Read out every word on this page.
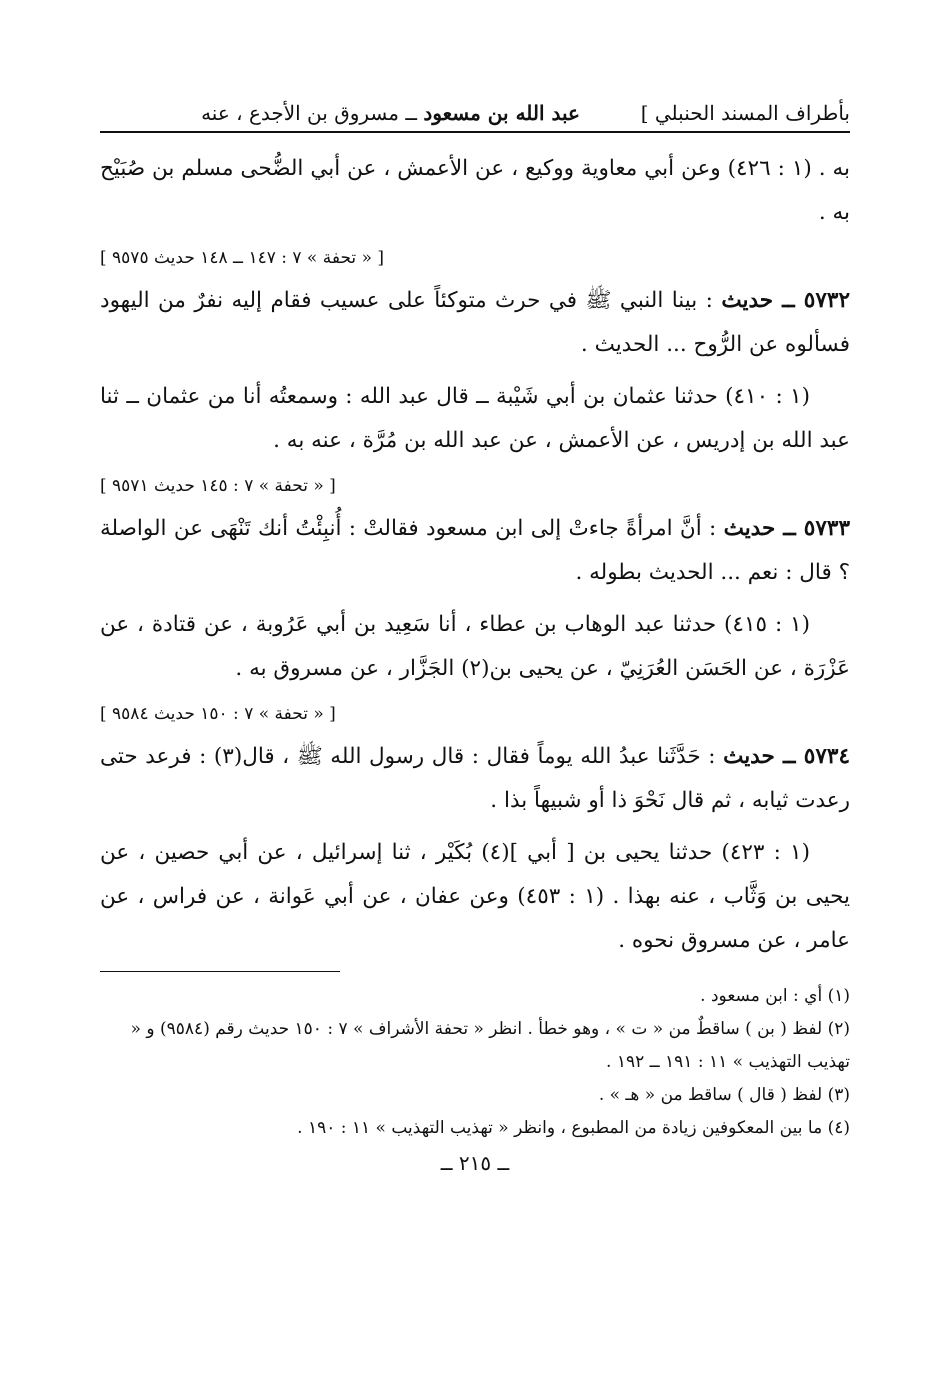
بأطراف المسند الحنبلي ]
عبد الله بن مسعود ــ مسروق بن الأجدع ، عنه

به . (١ : ٤٢٦) وعن أبي معاوية ووكيع ، عن الأعمش ، عن أبي الضُّحى مسلم بن صُبَيْح به .

[ « تحفة » ٧ : ١٤٧ ــ ١٤٨ حديث ٩٥٧٥ ]

٥٧٣٢ ــ حديث : بينا النبي ﷺ في حرث متوكئاً على عسيب فقام إليه نفرٌ من اليهود فسألوه عن الرُّوح ... الحديث .

(١ : ٤١٠) حدثنا عثمان بن أبي شَيْبة ــ قال عبد الله : وسمعتُه أنا من عثمان ــ ثنا عبد الله بن إدريس ، عن الأعمش ، عن عبد الله بن مُرَّة ، عنه به .

[ « تحفة » ٧ : ١٤٥ حديث ٩٥٧١ ]

٥٧٣٣ ــ حديث : أنَّ امرأةً جاءتْ إلى ابن مسعود فقالتْ : أُنبِئْتُ أنك تَنْهَى عن الواصلة ؟ قال : نعم ... الحديث بطوله .

(١ : ٤١٥) حدثنا عبد الوهاب بن عطاء ، أنا سَعِيد بن أبي عَرُوبة ، عن قتادة ، عن عَزْرَة ، عن الحَسَن العُرَنِيّ ، عن يحيى بن(٢) الجَزَّار ، عن مسروق به .

[ « تحفة » ٧ : ١٥٠ حديث ٩٥٨٤ ]

٥٧٣٤ ــ حديث : حَدَّثَنا عبدُ الله يوماً فقال : قال رسول الله ﷺ ، قال(٣) : فرعد حتى رعدت ثيابه ، ثم قال نَحْوَ ذا أو شبيهاً بذا .

(١ : ٤٢٣) حدثنا يحيى بن [ أبي ](٤) بُكَيْر ، ثنا إسرائيل ، عن أبي حصين ، عن يحيى بن وَثَّاب ، عنه بهذا . (١ : ٤٥٣) وعن عفان ، عن أبي عَوانة ، عن فراس ، عن عامر ، عن مسروق نحوه .

(١) أي : ابن مسعود .

(٢) لفظ ( بن ) ساقطٌ من « ت » ، وهو خطأ . انظر « تحفة الأشراف » ٧ : ١٥٠ حديث رقم (٩٥٨٤) و « تهذيب التهذيب » ١١ : ١٩١ ــ ١٩٢ .

(٣) لفظ ( قال ) ساقط من « هـ » .

(٤) ما بين المعكوفين زيادة من المطبوع ، وانظر « تهذيب التهذيب » ١١ : ١٩٠ .

ــ ٢١٥ ــ
